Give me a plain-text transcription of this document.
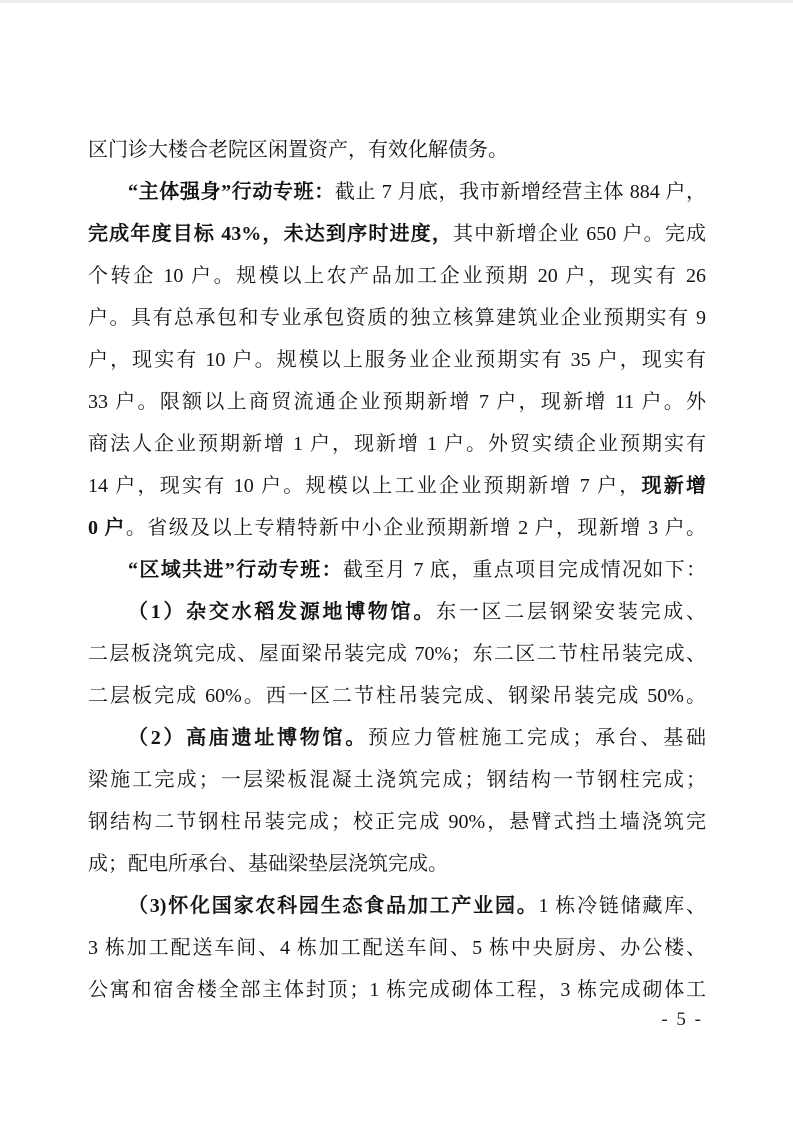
区门诊大楼合老院区闲置资产，有效化解债务。
“主体强身”行动专班：截止 7 月底，我市新增经营主体 884 户，
完成年度目标 43%，未达到序时进度，其中新增企业 650 户。完成
个转企 10 户。规模以上农产品加工企业预期 20 户，现实有 26
户。具有总承包和专业承包资质的独立核算建筑业企业预期实有 9
户，现实有 10 户。规模以上服务业企业预期实有 35 户，现实有
33 户。限额以上商贸流通企业预期新增 7 户，现新增 11 户。外
商法人企业预期新增 1 户，现新增 1 户。外贸实绩企业预期实有
14 户，现实有 10 户。规模以上工业企业预期新增 7 户，现新增
0 户。省级及以上专精特新中小企业预期新增 2 户，现新增 3 户。
“区域共进”行动专班：截至月 7 底，重点项目完成情况如下：
（1）杂交水稻发源地博物馆。东一区二层钢梁安装完成、
二层板浇筑完成、屋面梁吊装完成 70%；东二区二节柱吊装完成、
二层板完成 60%。西一区二节柱吊装完成、钢梁吊装完成 50%。
（2）高庙遗址博物馆。预应力管桩施工完成；承台、基础
梁施工完成；一层梁板混凝土浇筑完成；钢结构一节钢柱完成；
钢结构二节钢柱吊装完成；校正完成 90%，悬臂式挡土墙浇筑完
成；配电所承台、基础梁垫层浇筑完成。
（3)怀化国家农科园生态食品加工产业园。1 栋冷链储藏库、
3 栋加工配送车间、4 栋加工配送车间、5 栋中央厨房、办公楼、
公寓和宿舍楼全部主体封顶；1 栋完成砌体工程，3 栋完成砌体工
- 5 -
